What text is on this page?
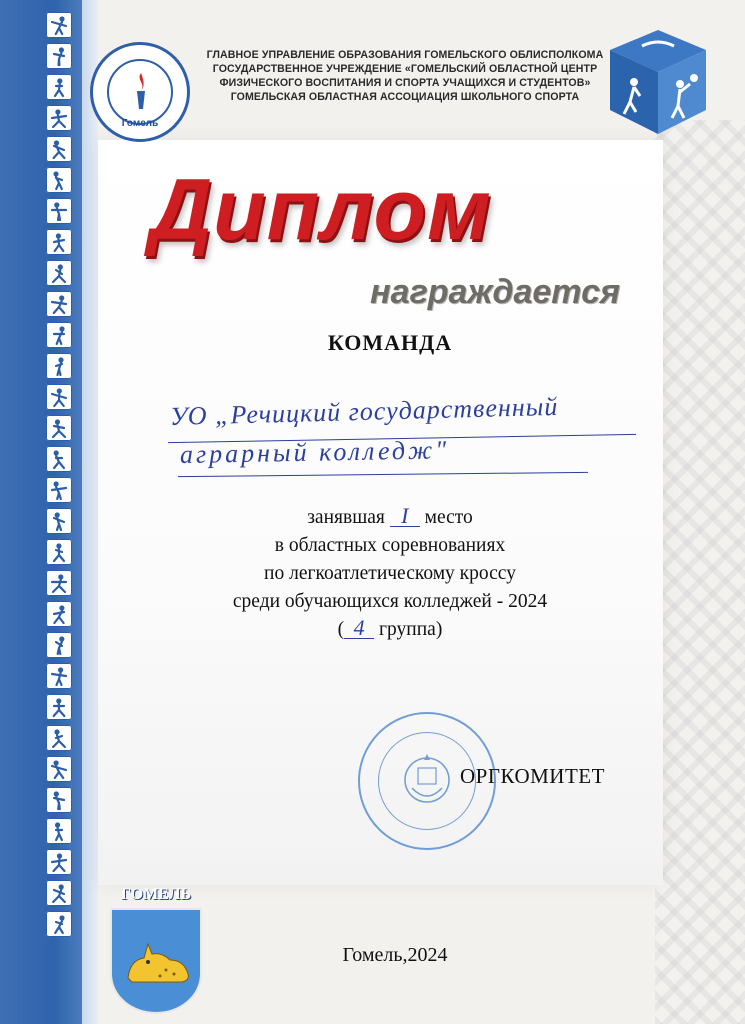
Гомель
ГЛАВНОЕ УПРАВЛЕНИЕ ОБРАЗОВАНИЯ ГОМЕЛЬСКОГО ОБЛИСПОЛКОМА
ГОСУДАРСТВЕННОЕ УЧРЕЖДЕНИЕ «ГОМЕЛЬСКИЙ ОБЛАСТНОЙ ЦЕНТР
ФИЗИЧЕСКОГО ВОСПИТАНИЯ И СПОРТА УЧАЩИХСЯ И СТУДЕНТОВ»
ГОМЕЛЬСКАЯ ОБЛАСТНАЯ АССОЦИАЦИЯ ШКОЛЬНОГО СПОРТА
Диплом
награждается
КОМАНДА
УО „Речицкий государственный
аграрный колледж"
занявшая I место
в областных соревнованиях
по легкоатлетическому кроссу
среди обучающихся колледжей - 2024
( 4 группа)
ОРГКОМИТЕТ
ГОМЕЛЬ
Гомель,2024
